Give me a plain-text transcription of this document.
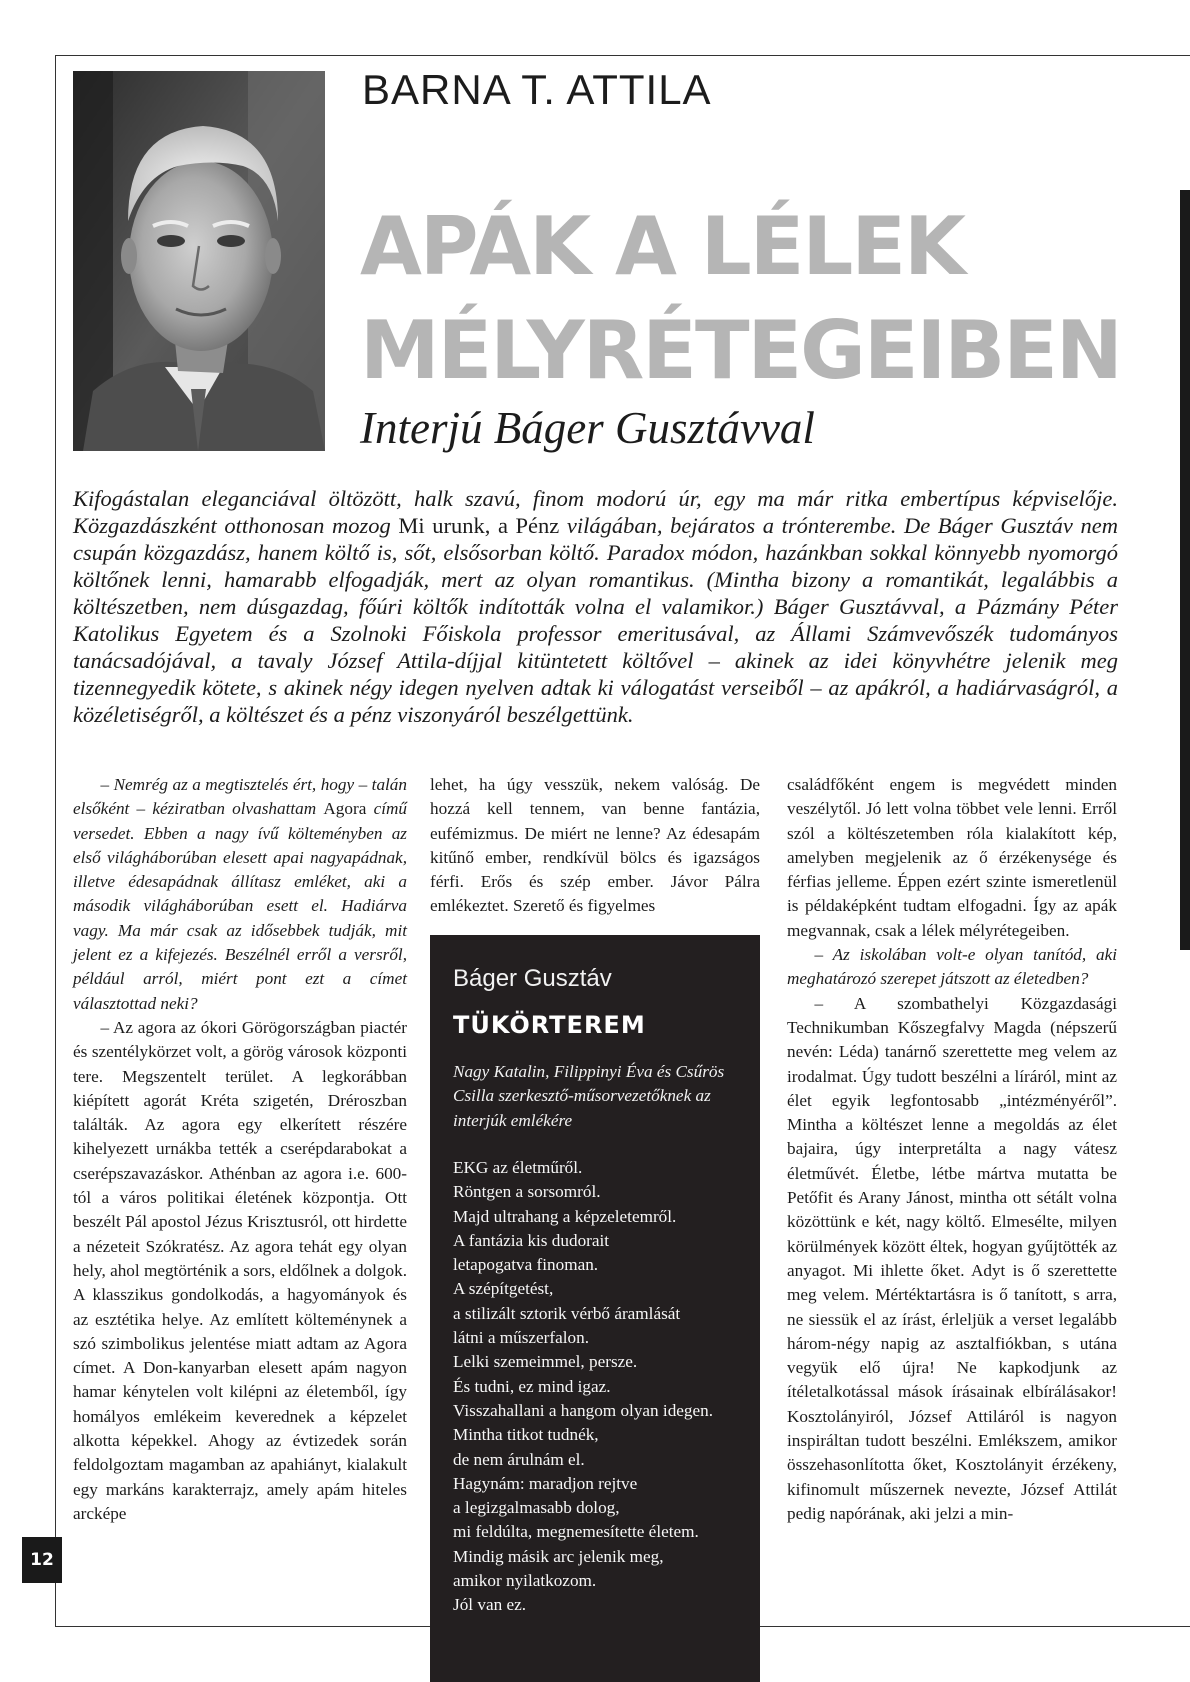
BARNA T. ATTILA
APÁK A LÉLEK
MÉLYRÉTEGEIBEN
Interjú Báger Gusztávval

Kifogástalan eleganciával öltözött, halk szavú, finom modorú úr, egy ma már ritka embertípus képviselője. Közgazdászként otthonosan mozog Mi urunk, a Pénz világában, bejáratos a trónterembe. De Báger Gusztáv nem csupán közgazdász, hanem költő is, sőt, elsősorban költő. Paradox módon, hazánkban sokkal könnyebb nyomorgó költőnek lenni, hamarabb elfogadják, mert az olyan romantikus. (Mintha bizony a romantikát, legalábbis a költészetben, nem dúsgazdag, főúri költők indították volna el valamikor.) Báger Gusztávval, a Pázmány Péter Katolikus Egyetem és a Szolnoki Főiskola professor emeritusával, az Állami Számvevőszék tudományos tanácsadójával, a tavaly József Attila-díjjal kitüntetett költővel – akinek az idei könyvhétre jelenik meg tizennegyedik kötete, s akinek négy idegen nyelven adtak ki válogatást verseiből – az apákról, a hadiárvaságról, a közéletiségről, a költészet és a pénz viszonyáról beszélgettünk.

– Nemrég az a megtisztelés ért, hogy – talán elsőként – kéziratban olvashattam Agora című versedet. Ebben a nagy ívű költeményben az első világháborúban elesett apai nagyapádnak, illetve édesapádnak állítasz emléket, aki a második világháborúban esett el. Hadiárva vagy. Ma már csak az idősebbek tudják, mit jelent ez a kifejezés. Beszélnél erről a versről, például arról, miért pont ezt a címet választottad neki?

– Az agora az ókori Görögországban piactér és szentélykörzet volt, a görög városok központi tere. Megszentelt terület. A legkorábban kiépített agorát Kréta szigetén, Dréroszban találták. Az agora egy elkerített részére kihelyezett urnákba tették a cserépdarabokat a cserépszavazáskor. Athénban az agora i.e. 600-tól a város politikai életének központja. Ott beszélt Pál apostol Jézus Krisztusról, ott hirdette a nézeteit Szókratész. Az agora tehát egy olyan hely, ahol megtörténik a sors, eldőlnek a dolgok. A klasszikus gondolkodás, a hagyományok és az esztétika helye. Az említett költeménynek a szó szimbolikus jelentése miatt adtam az Agora címet. A Don-kanyarban elesett apám nagyon hamar kénytelen volt kilépni az életemből, így homályos emlékeim keverednek a képzelet alkotta képekkel. Ahogy az évtizedek során feldolgoztam magamban az apahiányt, kialakult egy markáns karakterrajz, amely apám hiteles arcképe

lehet, ha úgy vesszük, nekem valóság. De hozzá kell tennem, van benne fantázia, eufémizmus. De miért ne lenne? Az édesapám kitűnő ember, rendkívül bölcs és igazságos férfi. Erős és szép ember. Jávor Pálra emlékeztet. Szerető és figyelmes

Báger Gusztáv
TÜKÖRTEREM

Nagy Katalin, Filippinyi Éva és Csűrös Csilla szerkesztő-műsorvezetőknek az interjúk emlékére

EKG az életműről.
Röntgen a sorsomról.
Majd ultrahang a képzeletemről.
A fantázia kis dudorait
letapogatva finoman.
A szépítgetést,
a stilizált sztorik vérbő áramlását
látni a műszerfalon.
Lelki szemeimmel, persze.
És tudni, ez mind igaz.
Visszahallani a hangom olyan idegen.
Mintha titkot tudnék,
de nem árulnám el.
Hagynám: maradjon rejtve
a legizgalmasabb dolog,
mi feldúlta, megnemesítette életem.
Mindig másik arc jelenik meg,
amikor nyilatkozom.
Jól van ez.

családfőként engem is megvédett minden veszélytől. Jó lett volna többet vele lenni. Erről szól a költészetemben róla kialakított kép, amelyben megjelenik az ő érzékenysége és férfias jelleme. Éppen ezért szinte ismeretlenül is példaképként tudtam elfogadni. Így az apák megvannak, csak a lélek mélyrétegeiben.

– Az iskolában volt-e olyan tanítód, aki meghatározó szerepet játszott az életedben?

– A szombathelyi Közgazdasági Technikumban Kőszegfalvy Magda (népszerű nevén: Léda) tanárnő szerettette meg velem az irodalmat. Úgy tudott beszélni a líráról, mint az élet egyik legfontosabb „intézményéről”. Mintha a költészet lenne a megoldás az élet bajaira, úgy interpretálta a nagy vátesz életművét. Életbe, létbe mártva mutatta be Petőfit és Arany Jánost, mintha ott sétált volna közöttünk e két, nagy költő. Elmesélte, milyen körülmények között éltek, hogyan gyűjtötték az anyagot. Mi ihlette őket. Adyt is ő szerettette meg velem. Mértéktartásra is ő tanított, s arra, ne siessük el az írást, érleljük a verset legalább három-négy napig az asztalfiókban, s utána vegyük elő újra! Ne kapkodjunk az ítéletalkotással mások írásainak elbírálásakor! Kosztolányiról, József Attiláról is nagyon inspiráltan tudott beszélni. Emlékszem, amikor összehasonlította őket, Kosztolányit érzékeny, kifinomult műszernek nevezte, József Attilát pedig napórának, aki jelzi a min-

12
